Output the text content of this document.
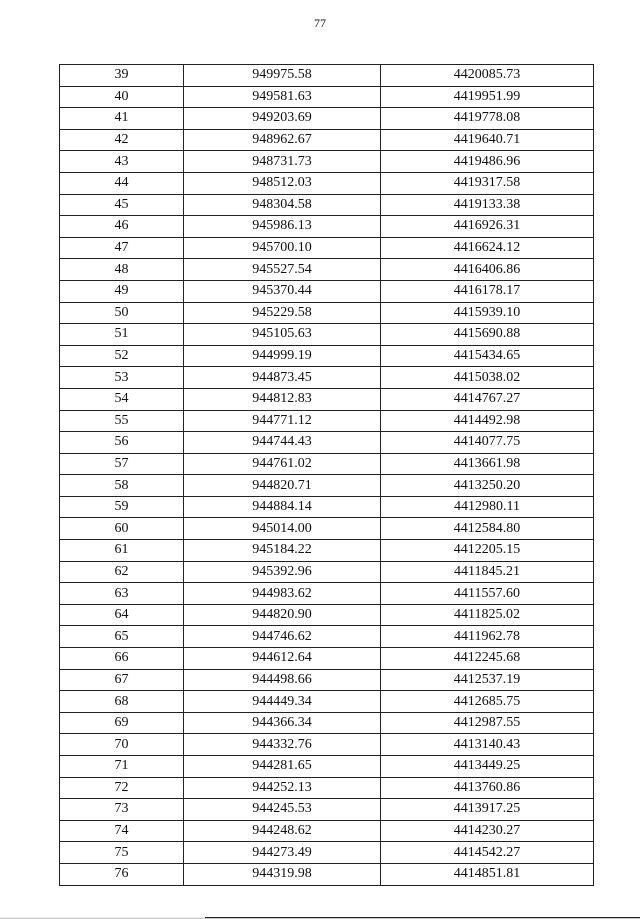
77
39	949975.58	4420085.73
40	949581.63	4419951.99
41	949203.69	4419778.08
42	948962.67	4419640.71
43	948731.73	4419486.96
44	948512.03	4419317.58
45	948304.58	4419133.38
46	945986.13	4416926.31
47	945700.10	4416624.12
48	945527.54	4416406.86
49	945370.44	4416178.17
50	945229.58	4415939.10
51	945105.63	4415690.88
52	944999.19	4415434.65
53	944873.45	4415038.02
54	944812.83	4414767.27
55	944771.12	4414492.98
56	944744.43	4414077.75
57	944761.02	4413661.98
58	944820.71	4413250.20
59	944884.14	4412980.11
60	945014.00	4412584.80
61	945184.22	4412205.15
62	945392.96	4411845.21
63	944983.62	4411557.60
64	944820.90	4411825.02
65	944746.62	4411962.78
66	944612.64	4412245.68
67	944498.66	4412537.19
68	944449.34	4412685.75
69	944366.34	4412987.55
70	944332.76	4413140.43
71	944281.65	4413449.25
72	944252.13	4413760.86
73	944245.53	4413917.25
74	944248.62	4414230.27
75	944273.49	4414542.27
76	944319.98	4414851.81
